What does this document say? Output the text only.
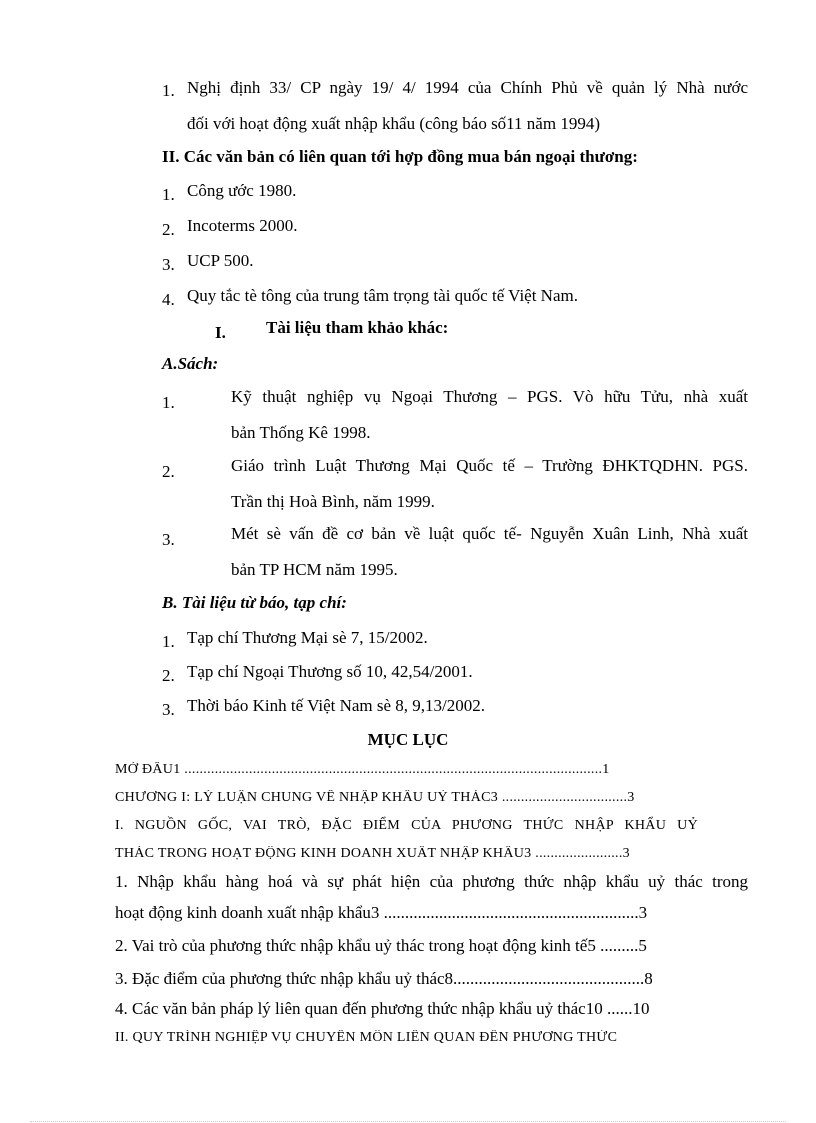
1. Nghị định 33/ CP ngày 19/ 4/ 1994 của Chính Phủ về quản lý Nhà nước
đối với hoạt động xuất nhập khẩu (công báo số11 năm 1994)
II. Các văn bản có liên quan tới hợp đồng mua bán ngoại thương:
1. Công ước 1980.
2. Incoterms 2000.
3. UCP 500.
4. Quy tắc tè tông của trung tâm trọng tài quốc tế Việt Nam.
I. Tài liệu tham khảo khác:
A.Sách:
1.	Kỹ thuật nghiệp vụ Ngoại Thương – PGS. Vò hữu Tửu, nhà xuất
bản Thống Kê 1998.
2.	Giáo trình Luật Thương Mại Quốc tế – Trường ĐHKTQDHN. PGS.
Trần thị Hoà Bình, năm 1999.
3.	Mét sè vấn đề cơ bản về luật quốc tế- Nguyễn Xuân Linh, Nhà xuất
bản TP HCM năm 1995.
B. Tài liệu từ báo, tạp chí:
1. Tạp chí Thương Mại sè 7, 15/2002.
2. Tạp chí Ngoại Thương số 10, 42,54/2001.
3. Thời báo Kinh tế Việt Nam sè 8, 9,13/2002.
MỤC LỤC
MỞ ĐẦU1 ..............................................................................................................1
CHƯƠNG I: LÝ LUẬN CHUNG VỀ NHẬP KHẨU UỶ THÁC3 .................................3
I. NGUỒN GỐC, VAI TRÒ, ĐẶC ĐIỂM CỦA PHƯƠNG THỨC NHẬP KHẨU UỶ
THÁC TRONG HOẠT ĐỘNG KINH DOANH XUẤT NHẬP KHẨU3 .......................3
1. Nhập khẩu hàng hoá và sự phát hiện của phương thức nhập khẩu uỷ thác trong
hoạt động kinh doanh xuất nhập khẩu3 ............................................................3
2. Vai trò của phương thức nhập khẩu uỷ thác trong hoạt động kinh tế5 .........5
3. Đặc điểm của phương thức nhập khẩu uỷ thác8.............................................8
4. Các văn bản pháp lý liên quan đến phương thức nhập khẩu uỷ thác10 ......10
II. QUY TRÌNH NGHIỆP VỤ CHUYÊN MÔN LIÊN QUAN ĐẾN PHƯƠNG THỨC
